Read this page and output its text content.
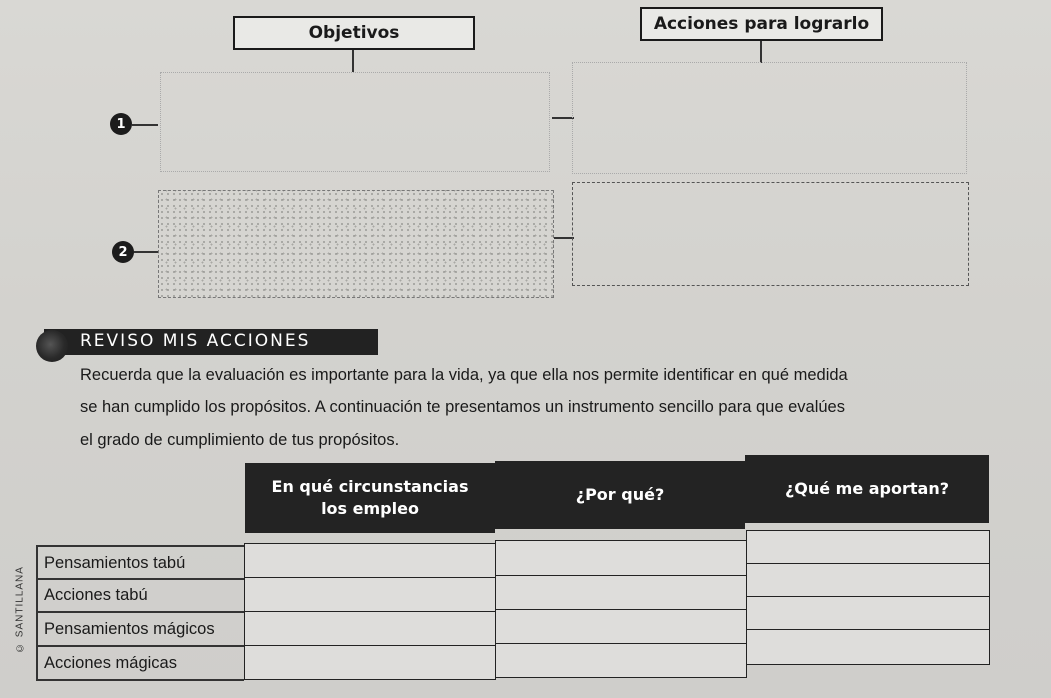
Objetivos	Acciones para lograrlo
1
2
REVISO MIS ACCIONES
Recuerda que la evaluación es importante para la vida, ya que ella nos permite identificar en qué medida
se han cumplido los propósitos. A continuación te presentamos un instrumento sencillo para que evalúes
el grado de cumplimiento de tus propósitos.
En qué circunstancias los empleo
¿Por qué?	¿Qué me aportan?
Pensamientos tabú
Acciones tabú
Pensamientos mágicos
Acciones mágicas
© SANTILLANA
